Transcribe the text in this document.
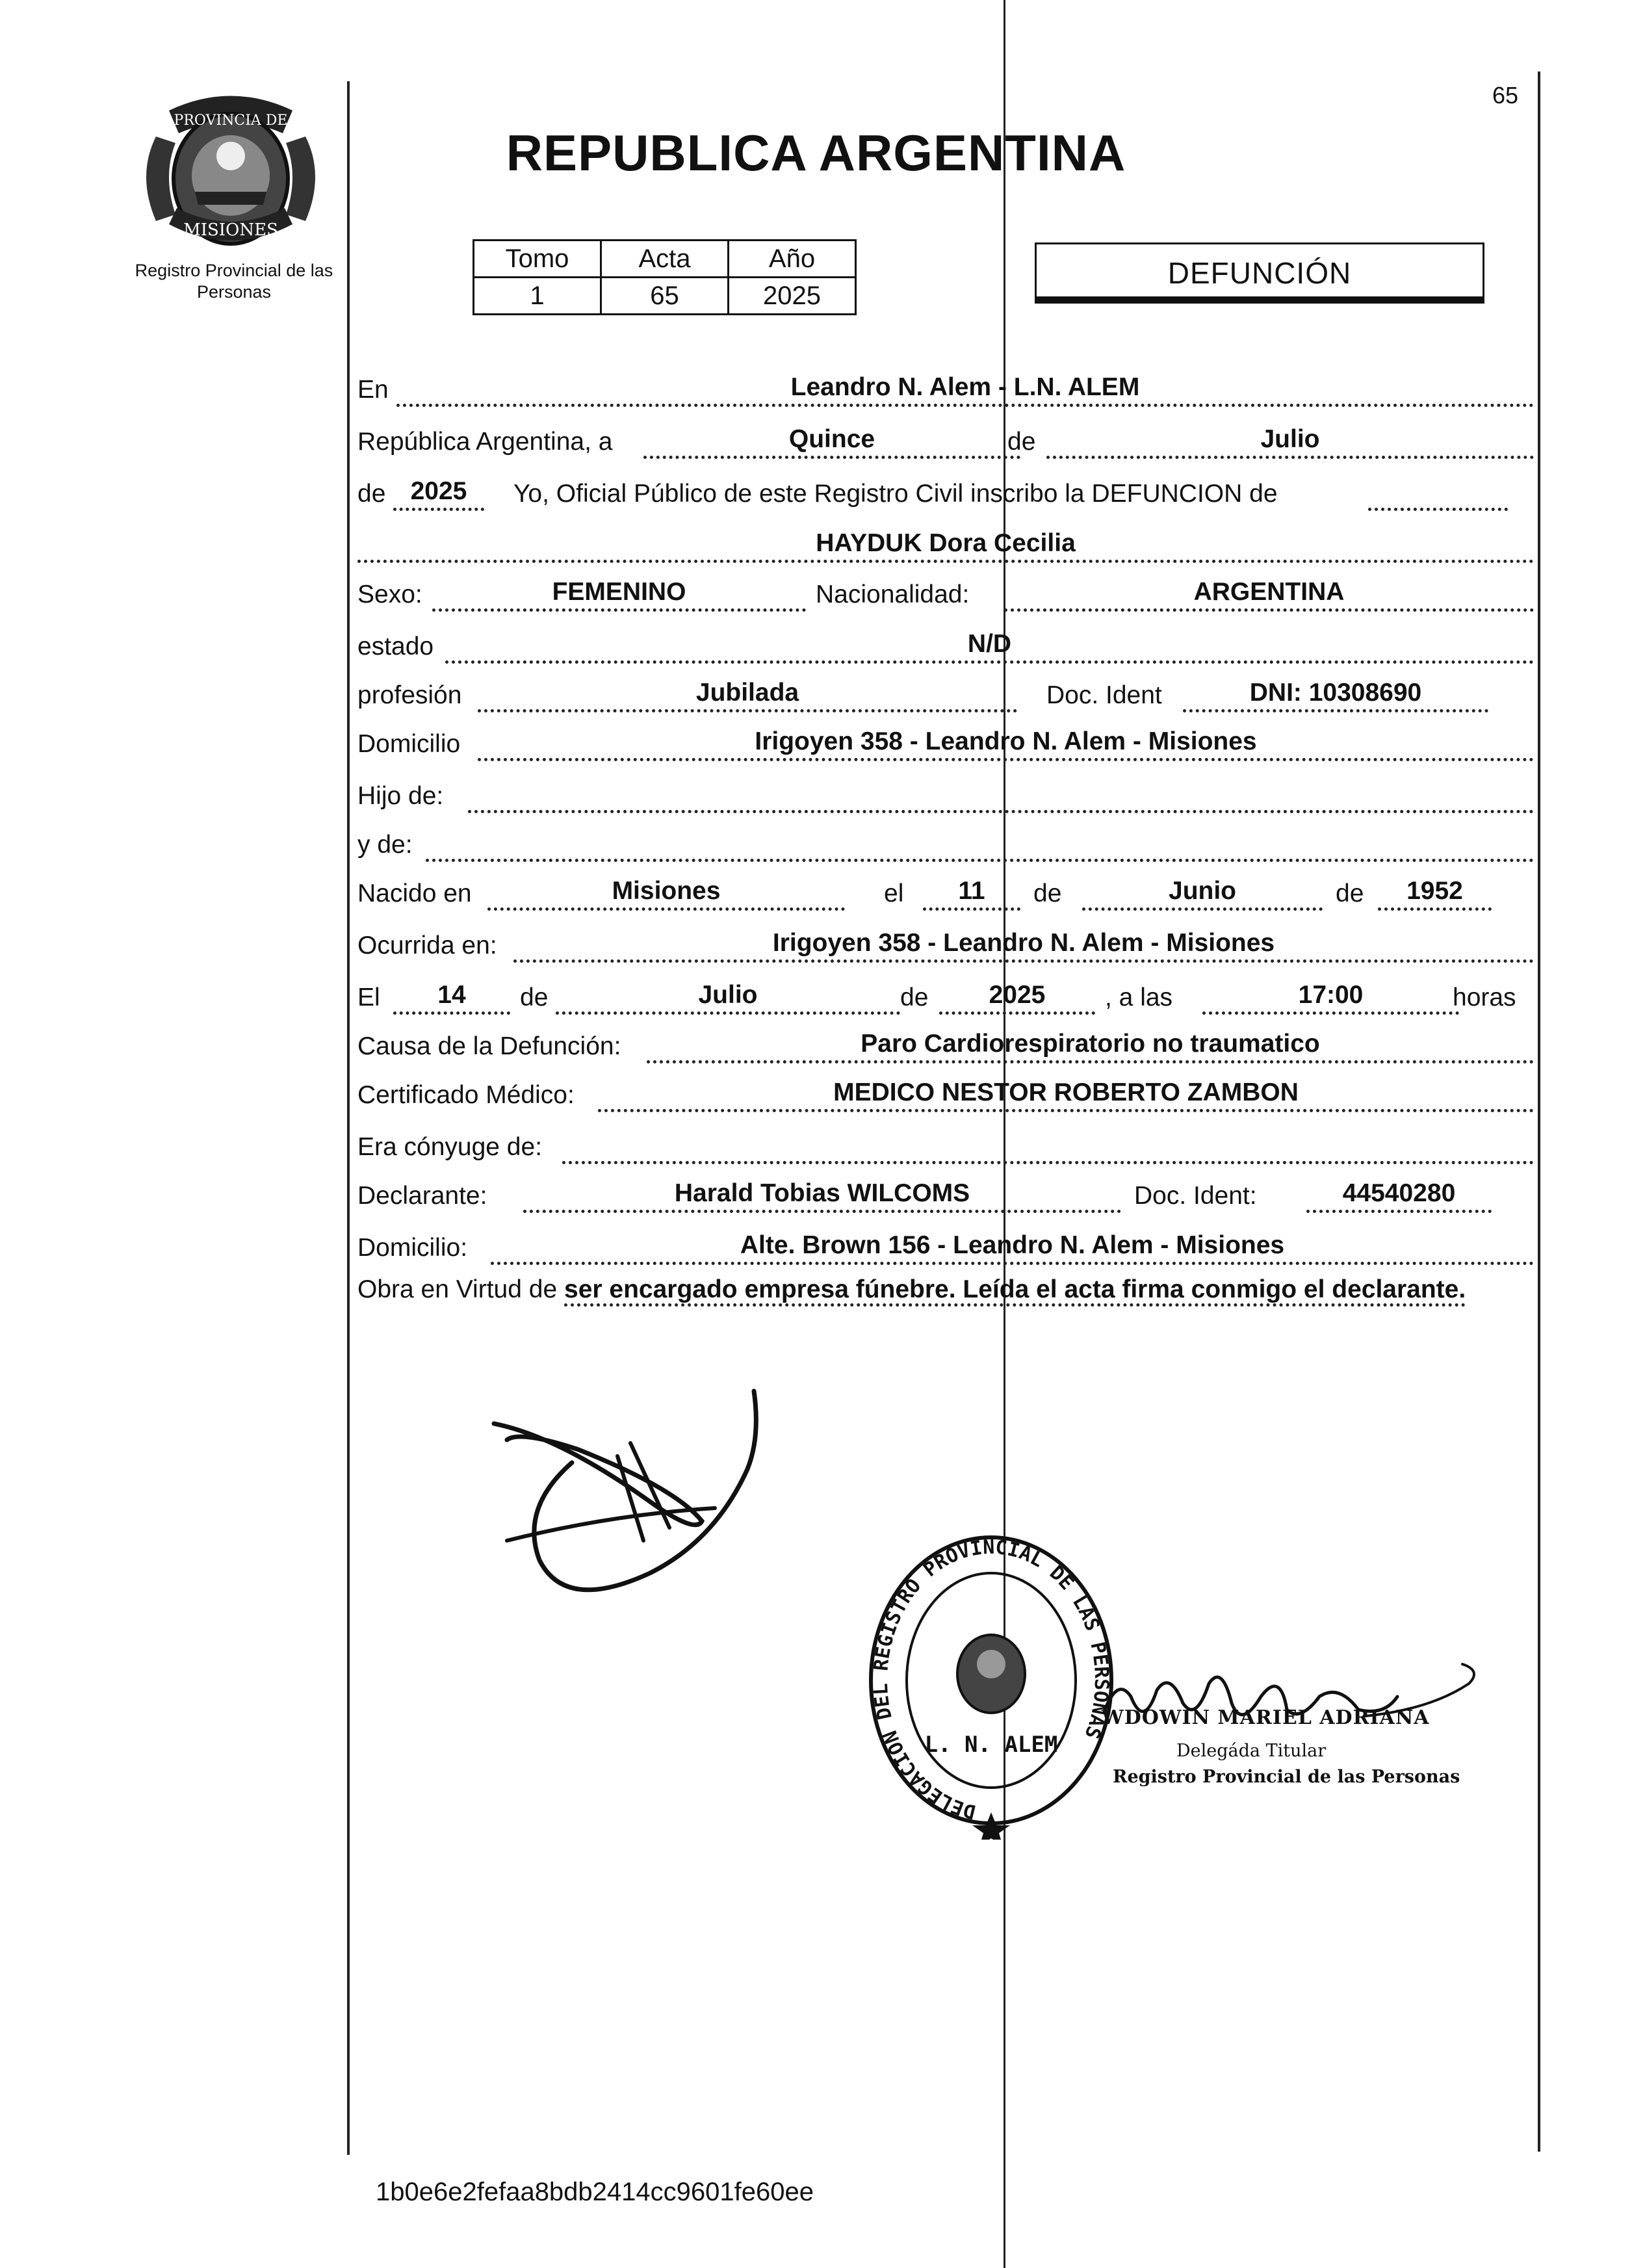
PROVINCIA DE
MISIONES
Registro Provincial de las Personas
65
REPUBLICA ARGENTINA
Tomo	Acta	Año
1	65	2025
DEFUNCIÓN
En	Leandro N. Alem - L.N. ALEM
República Argentina, a	Quince	de	Julio
de 2025	Yo, Oficial Público de este Registro Civil inscribo la DEFUNCION de
HAYDUK Dora Cecilia
Sexo:	FEMENINO	Nacionalidad:	ARGENTINA
estado	N/D
profesión	Jubilada	Doc. Ident	DNI: 10308690
Domicilio	Irigoyen 358 - Leandro N. Alem - Misiones
Hijo de:
y de:
Nacido en	Misiones	el	11	de	Junio	de	1952
Ocurrida en:	Irigoyen 358 - Leandro N. Alem - Misiones
El	14	de	Julio	de	2025	, a las	17:00	horas
Causa de la Defunción:	Paro Cardiorespiratorio no traumatico
Certificado Médico:	MEDICO NESTOR ROBERTO ZAMBON
Era cónyuge de:
Declarante:	Harald Tobias WILCOMS	Doc. Ident:	44540280
Domicilio:	Alte. Brown 156 - Leandro N. Alem - Misiones
Obra en Virtud de ser encargado empresa fúnebre. Leída el acta firma conmigo el declarante.
DELEGACION DEL REGISTRO PROVINCIAL DE LAS PERSONAS
L. N. ALEM
WDOWIN MARIEL ADRIANA
Delegáda Titular
Registro Provincial de las Personas
1b0e6e2fefaa8bdb2414cc9601fe60ee
